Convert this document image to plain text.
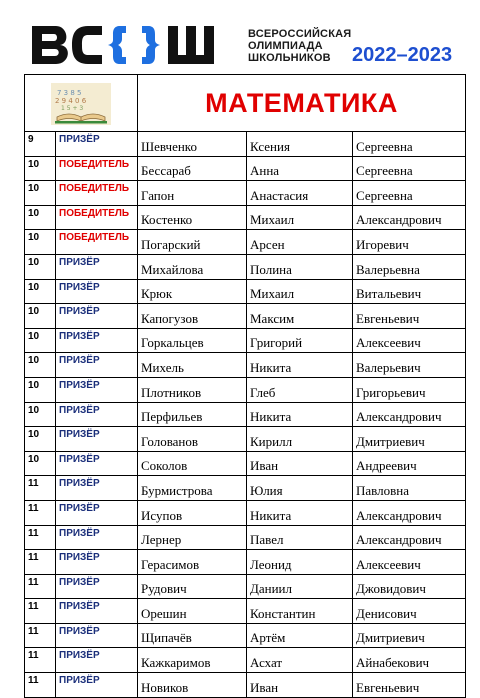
ВСЕРОССИЙСКАЯ
ОЛИМПИАДА
ШКОЛЬНИКОВ	2022–2023
7 3 8 5
2 9 4 0 6
1 5 + 3		МАТЕМАТИКА		
9	ПРИЗЁР	Шевченко	Ксения	Сергеевна
10	ПОБЕДИТЕЛЬ	Бессараб	Анна	Сергеевна
10	ПОБЕДИТЕЛЬ	Гапон	Анастасия	Сергеевна
10	ПОБЕДИТЕЛЬ	Костенко	Михаил	Александрович
10	ПОБЕДИТЕЛЬ	Погарский	Арсен	Игоревич
10	ПРИЗЁР	Михайлова	Полина	Валерьевна
10	ПРИЗЁР	Крюк	Михаил	Витальевич
10	ПРИЗЁР	Капогузов	Максим	Евгеньевич
10	ПРИЗЁР	Горкальцев	Григорий	Алексеевич
10	ПРИЗЁР	Михель	Никита	Валерьевич
10	ПРИЗЁР	Плотников	Глеб	Григорьевич
10	ПРИЗЁР	Перфильев	Никита	Александрович
10	ПРИЗЁР	Голованов	Кирилл	Дмитриевич
10	ПРИЗЁР	Соколов	Иван	Андреевич
11	ПРИЗЁР	Бурмистрова	Юлия	Павловна
11	ПРИЗЁР	Исупов	Никита	Александрович
11	ПРИЗЁР	Лернер	Павел	Александрович
11	ПРИЗЁР	Герасимов	Леонид	Алексеевич
11	ПРИЗЁР	Рудович	Даниил	Джовидович
11	ПРИЗЁР	Орешин	Константин	Денисович
11	ПРИЗЁР	Щипачёв	Артём	Дмитриевич
11	ПРИЗЁР	Кажкаримов	Асхат	Айнабекович
11	ПРИЗЁР	Новиков	Иван	Евгеньевич
